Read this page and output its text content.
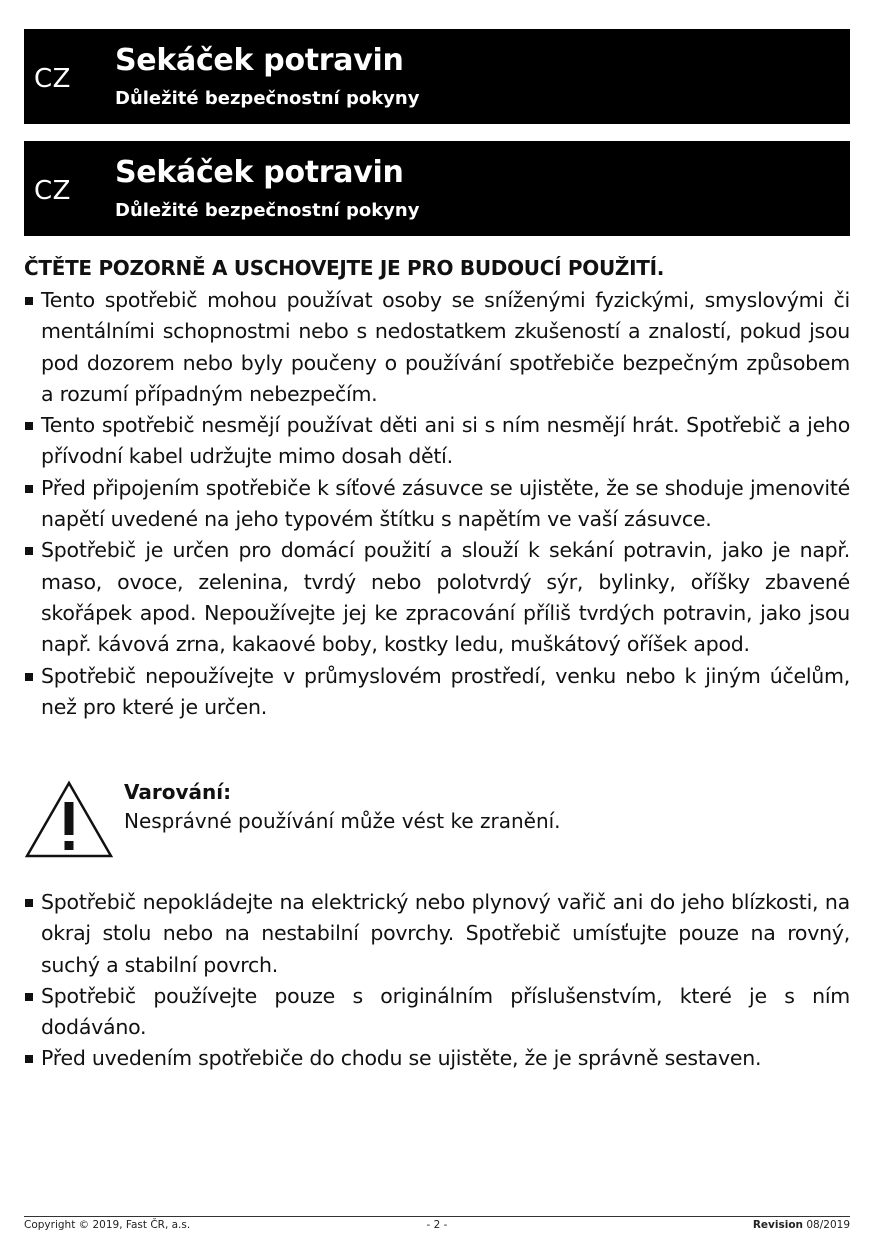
CZ
Sekáček potravin
Důležité bezpečnostní pokyny
CZ
Sekáček potravin
Důležité bezpečnostní pokyny
ČTĚTE POZORNĚ A USCHOVEJTE JE PRO BUDOUCÍ POUŽITÍ.
Tento spotřebič mohou používat osoby se sníženými fyzickými, smyslovými či mentálními schopnostmi nebo s nedostatkem zkušeností a znalostí, pokud jsou pod dozorem nebo byly poučeny o používání spotřebiče bezpečným způsobem a rozumí případným nebezpečím.
Tento spotřebič nesmějí používat děti ani si s ním nesmějí hrát. Spotřebič a jeho přívodní kabel udržujte mimo dosah dětí.
Před připojením spotřebiče k síťové zásuvce se ujistěte, že se shoduje jmenovité napětí uvedené na jeho typovém štítku s napětím ve vaší zásuvce.
Spotřebič je určen pro domácí použití a slouží k sekání potravin, jako je např. maso, ovoce, zelenina, tvrdý nebo polotvrdý sýr, bylinky, oříšky zbavené skořápek apod. Nepoužívejte jej ke zpracování příliš tvrdých potravin, jako jsou např. kávová zrna, kakaové boby, kostky ledu, muškátový oříšek apod.
Spotřebič nepoužívejte v průmyslovém prostředí, venku nebo k jiným účelům, než pro které je určen.
Varování:
Nesprávné používání může vést ke zranění.
Spotřebič nepokládejte na elektrický nebo plynový vařič ani do jeho blízkosti, na okraj stolu nebo na nestabilní povrchy. Spotřebič umísťujte pouze na rovný, suchý a stabilní povrch.
Spotřebič používejte pouze s originálním příslušenstvím, které je s ním dodáváno.
Před uvedením spotřebiče do chodu se ujistěte, že je správně sestaven.
Copyright © 2019, Fast ČR, a.s.	- 2 -	Revision 08/2019
